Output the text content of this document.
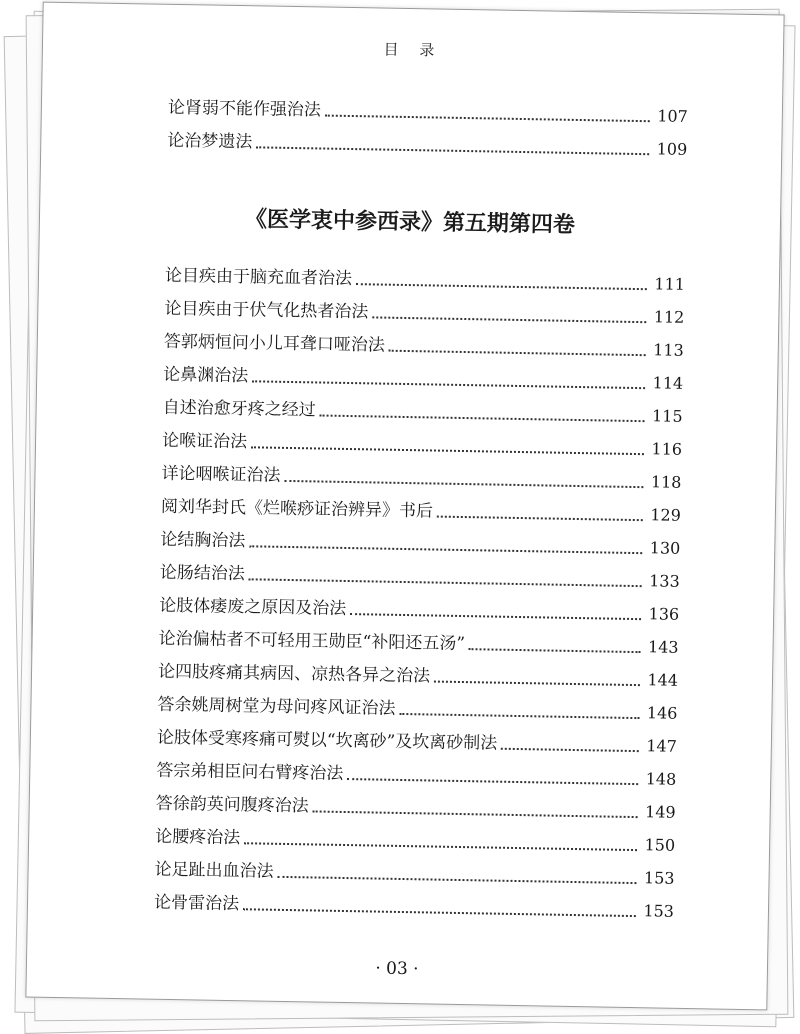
目 录
论肾弱不能作强治法	107
论治梦遗法	109
《医学衷中参西录》第五期第四卷
论目疾由于脑充血者治法	111
论目疾由于伏气化热者治法	112
答郭炳恒问小儿耳聋口哑治法	113
论鼻渊治法	114
自述治愈牙疼之经过	115
论喉证治法	116
详论咽喉证治法	118
阅刘华封氏《烂喉痧证治辨异》书后	129
论结胸治法	130
论肠结治法	133
论肢体痿废之原因及治法	136
论治偏枯者不可轻用王勋臣“补阳还五汤”	143
论四肢疼痛其病因、凉热各异之治法	144
答余姚周树堂为母问疼风证治法	146
论肢体受寒疼痛可熨以“坎离砂”及坎离砂制法	147
答宗弟相臣问右臂疼治法	148
答徐韵英问腹疼治法	149
论腰疼治法	150
论足趾出血治法	153
论骨雷治法	153
· 03 ·
